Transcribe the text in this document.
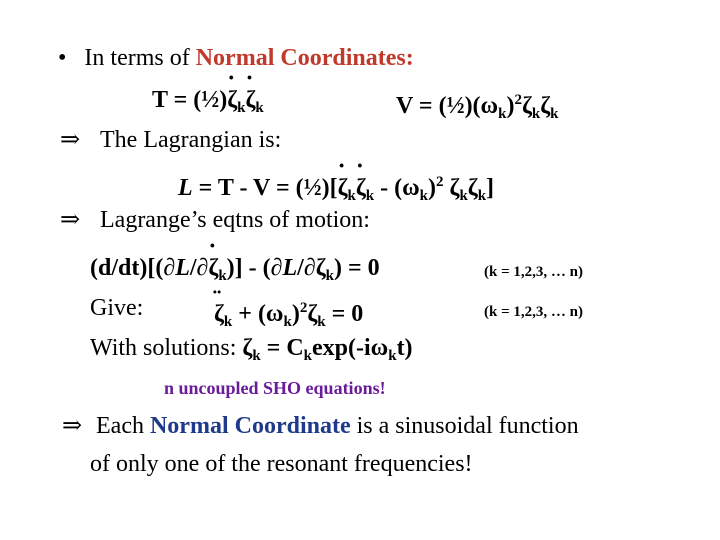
• In terms of Normal Coordinates:
T = (½)ζ $̇_k\zeta$ $̇_k$	$V = (\frac{1}{2})(\omega_k)^2\zeta_k\zeta_k$
⇒ The Lagrangian is:
L = T - V = (½)[ζ $̇_k\zeta$ $̇_k - (\omega_k)^2$ $\zeta_k\zeta_k$]
⇒ Lagrange’s eqtns of motion:
(d/dt)[(∂L/∂ζ $̇_k)] - (\partial L/\partial\zeta_k) = 0$	(k = 1,2,3, … n)
Give:	ζ $̈_k + (\omega_k)^2\zeta_k = 0$	(k = 1,2,3, … n)
With solutions: $\zeta_k = C_k\exp(-i\omega_kt)$
n uncoupled SHO equations!
⇒ Each Normal Coordinate is a sinusoidal function
of only one of the resonant frequencies!
